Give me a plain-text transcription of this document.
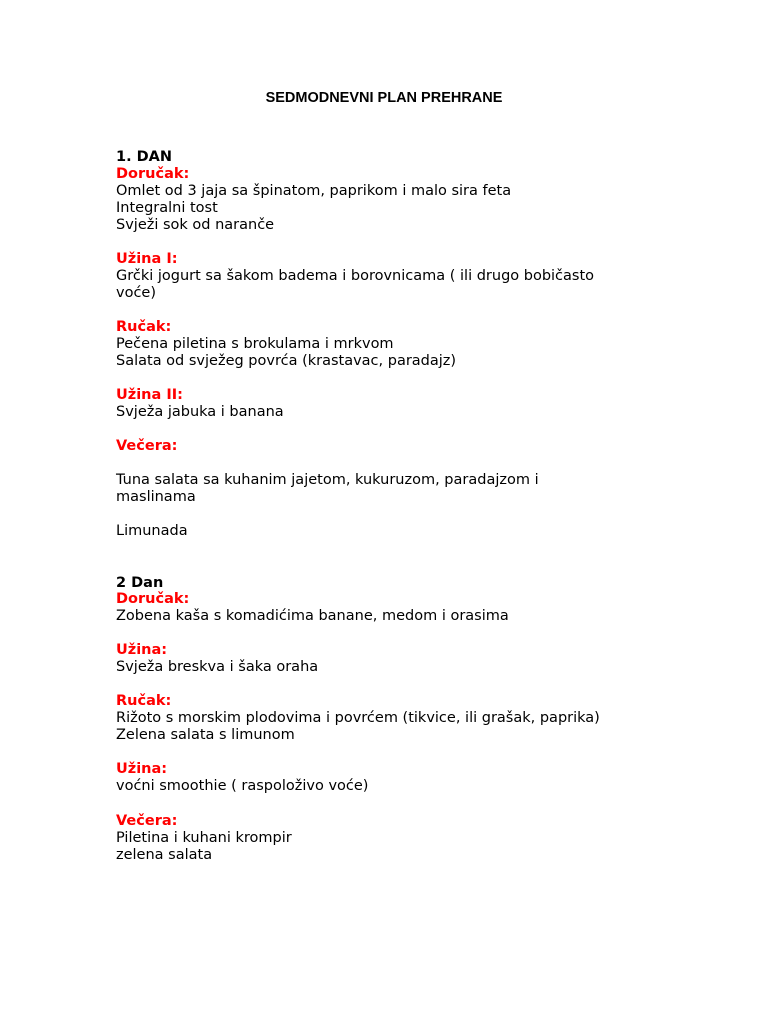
SEDMODNEVNI PLAN PREHRANE
1. DAN
Doručak:
Omlet od 3 jaja sa špinatom, paprikom i malo sira feta
Integralni tost
Svježi sok od naranče
Užina I:
Grčki jogurt sa šakom badema i borovnicama ( ili drugo bobičasto
voće)
Ručak:
Pečena piletina s brokulama i mrkvom
Salata od svježeg povrća (krastavac, paradajz)
Užina II:
Svježa jabuka i banana
Večera:
Tuna salata sa kuhanim jajetom, kukuruzom, paradajzom i
maslinama
Limunada
2 Dan
Doručak:
Zobena kaša s komadićima banane, medom i orasima
Užina:
Svježa breskva i šaka oraha
Ručak:
Rižoto s morskim plodovima i povrćem (tikvice, ili grašak, paprika)
Zelena salata s limunom
Užina:
voćni smoothie ( raspoloživo voće)
Večera:
Piletina i kuhani krompir
zelena salata
